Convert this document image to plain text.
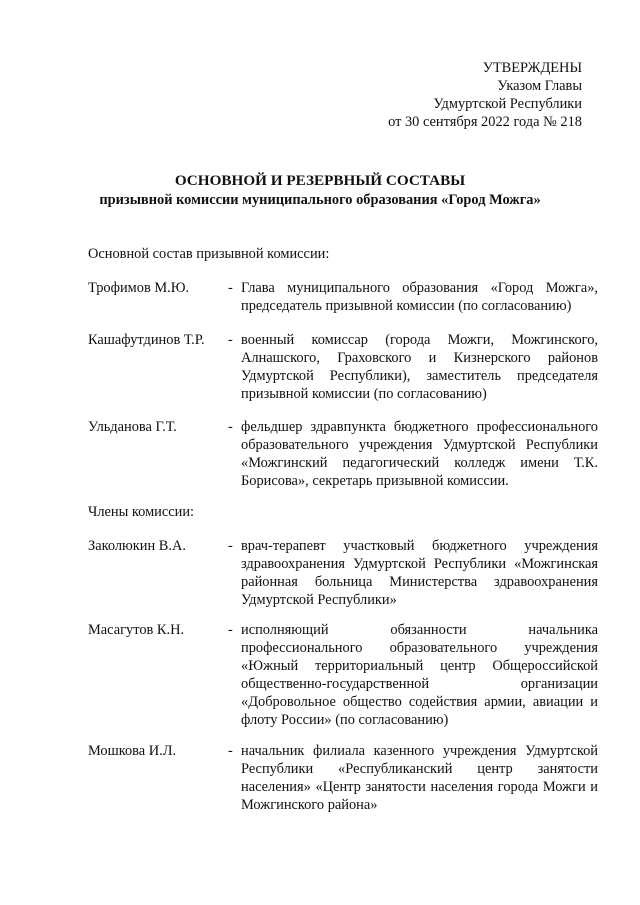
УТВЕРЖДЕНЫ
Указом Главы
Удмуртской Республики
от 30 сентября 2022 года № 218
ОСНОВНОЙ И РЕЗЕРВНЫЙ СОСТАВЫ
призывной комиссии муниципального образования «Город Можга»
Основной состав призывной комиссии:
Трофимов М.Ю.	- Глава муниципального образования «Город Можга», председатель призывной комиссии (по согласованию)
Кашафутдинов Т.Р. - военный комиссар (города Можги, Можгинского, Алнашского, Граховского и Кизнерского районов Удмуртской Республики), заместитель председателя призывной комиссии (по согласованию)
Ульданова Г.Т.	- фельдшер здравпункта бюджетного профессионального образовательного учреждения Удмуртской Республики «Можгинский педагогический колледж имени Т.К. Борисова», секретарь призывной комиссии.
Члены комиссии:
Заколюкин В.А.	- врач-терапевт участковый бюджетного учреждения здравоохранения Удмуртской Республики «Можгинская районная больница Министерства здравоохранения Удмуртской Республики»
Масагутов К.Н.	- исполняющий обязанности начальника профессионального образовательного учреждения «Южный территориальный центр Общероссийской общественно-государственной организации «Добровольное общество содействия армии, авиации и флоту России» (по согласованию)
Мошкова И.Л.	- начальник филиала казенного учреждения Удмуртской Республики «Республиканский центр занятости населения» «Центр занятости населения города Можги и Можгинского района»
